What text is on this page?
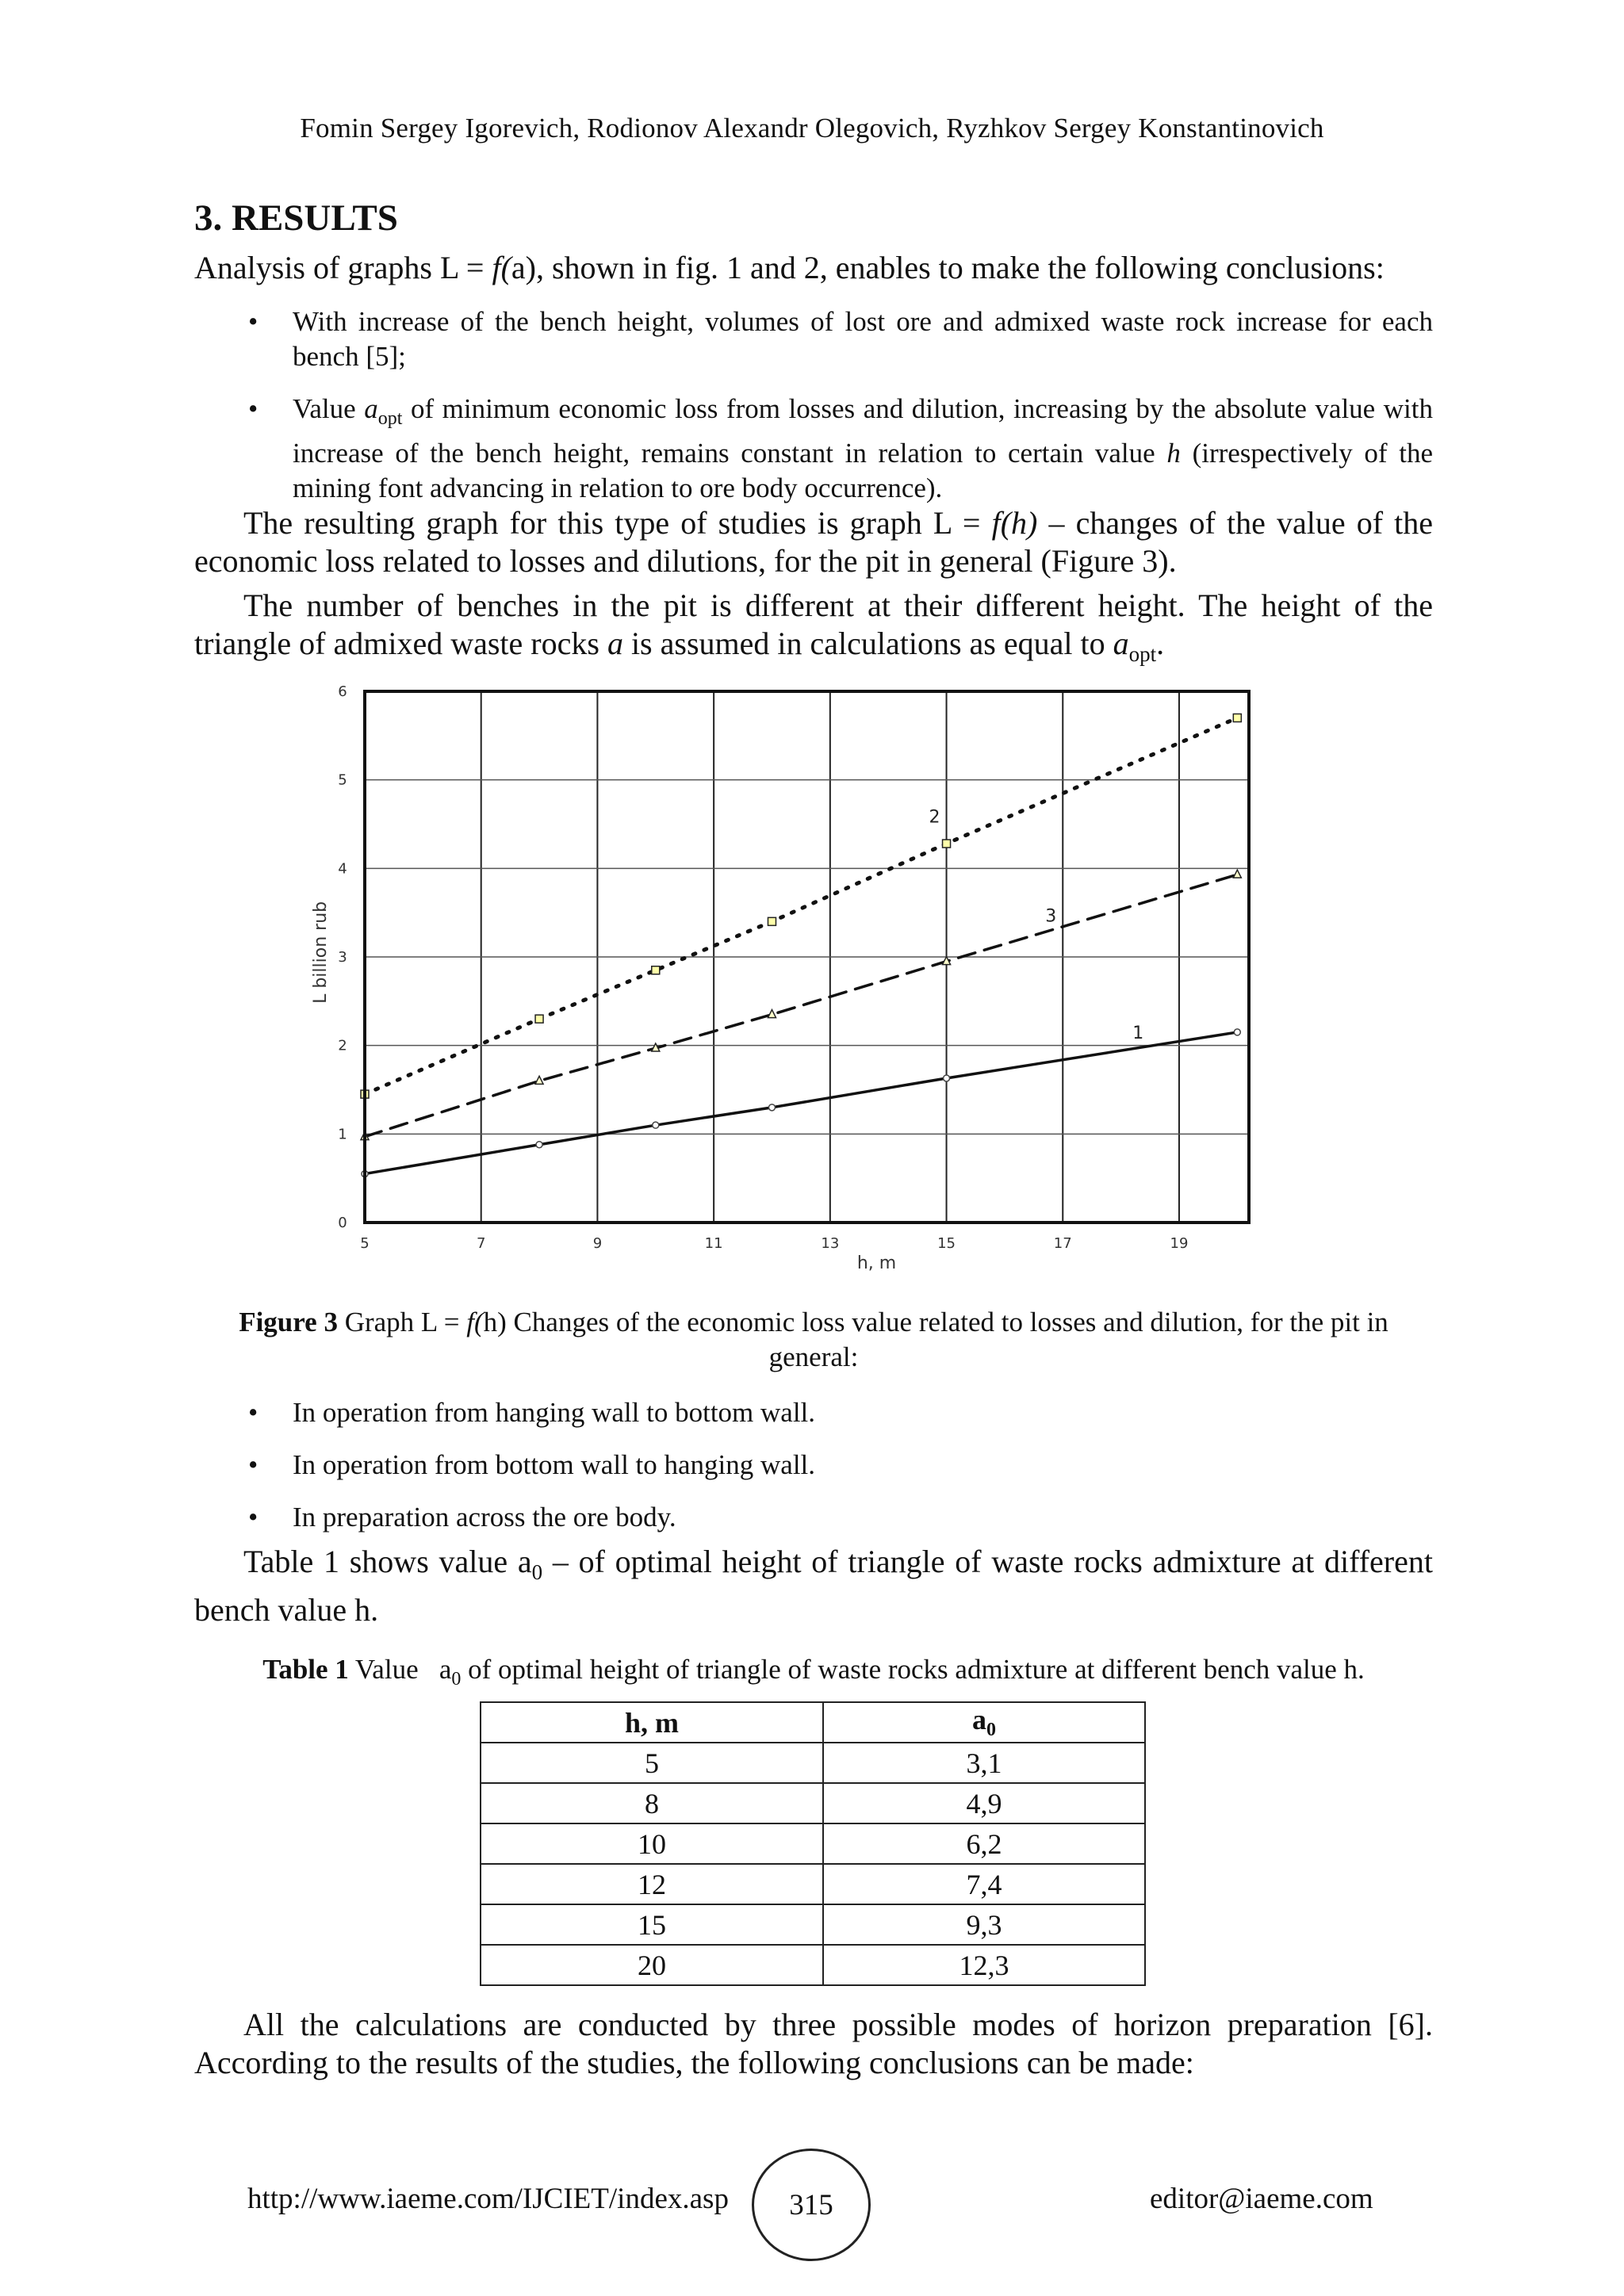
Fomin Sergey Igorevich, Rodionov Alexandr Olegovich, Ryzhkov Sergey Konstantinovich
3. RESULTS

Analysis of graphs L = f(a), shown in fig. 1 and 2, enables to make the following conclusions:

• With increase of the bench height, volumes of lost ore and admixed waste rock increase for each bench [5];
• Value $a_{opt}$ of minimum economic loss from losses and dilution, increasing by the absolute value with increase of the bench height, remains constant in relation to certain value h (irrespectively of the mining font advancing in relation to ore body occurrence).

The resulting graph for this type of studies is graph L = f(h) – changes of the value of the economic loss related to losses and dilutions, for the pit in general (Figure 3).

The number of benches in the pit is different at their different height. The height of the triangle of admixed waste rocks a is assumed in calculations as equal to $a_{opt}$.

5	7	9	11	13	15	17	19
0
1
2
3
4
5
6
1
2
3
h, m
L billion rub
Figure 3 Graph L = f(h) Changes of the economic loss value related to losses and dilution, for the pit in general:
• In operation from hanging wall to bottom wall.
• In operation from bottom wall to hanging wall.
• In preparation across the ore body.

Table 1 shows value $a_0$ – of optimal height of triangle of waste rocks admixture at different bench value h.

Table 1 Value   $a_0$ of optimal height of triangle of waste rocks admixture at different bench value h.
h, m	$a_0$
5	3,1
8	4,9
10	6,2
12	7,4
15	9,3
20	12,3

All the calculations are conducted by three possible modes of horizon preparation [6]. According to the results of the studies, the following conclusions can be made:

http://www.iaeme.com/IJCIET/index.asp	315	editor@iaeme.com
